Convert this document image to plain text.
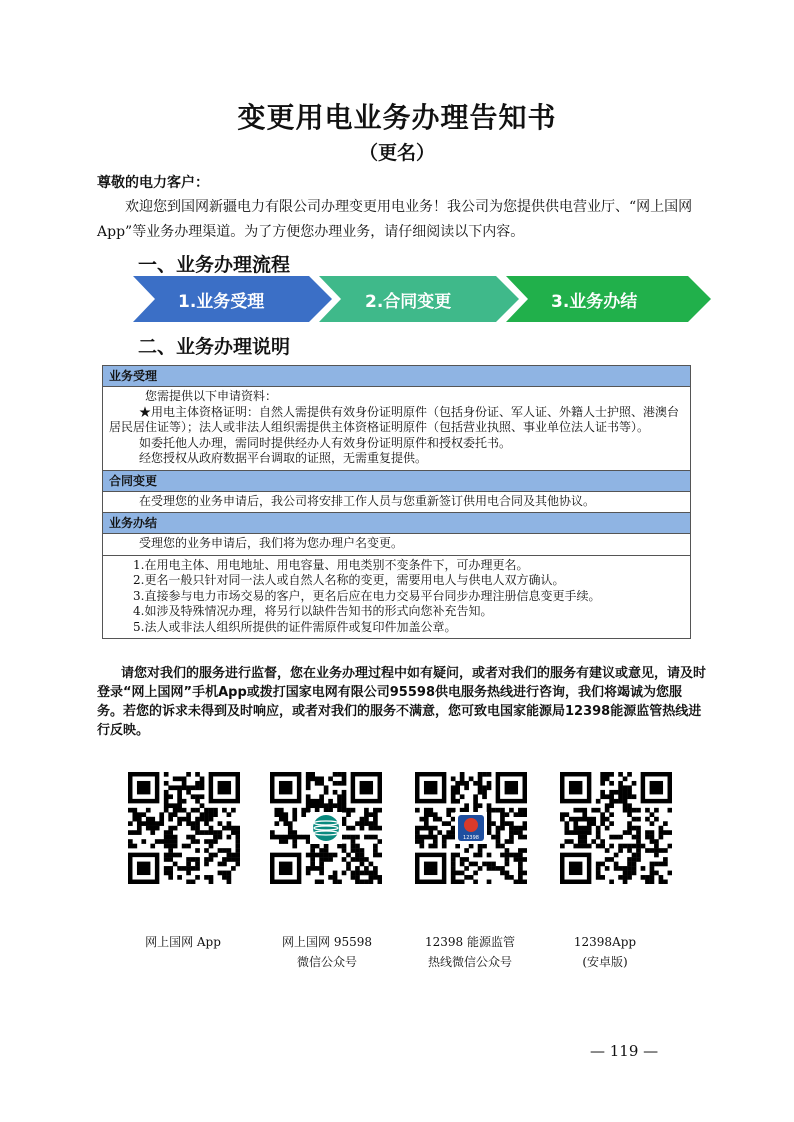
变更用电业务办理告知书
（更名）
尊敬的电力客户：
欢迎您到国网新疆电力有限公司办理变更用电业务！我公司为您提供供电营业厅、“网上国网 App”等业务办理渠道。为了方便您办理业务，请仔细阅读以下内容。
一、业务办理流程
1.业务受理	2.合同变更	3.业务办结
二、业务办理说明
业务受理

您需提供以下申请资料：

★用电主体资格证明：自然人需提供有效身份证明原件（包括身份证、军人证、外籍人士护照、港澳台居民居住证等）；法人或非法人组织需提供主体资格证明原件（包括营业执照、事业单位法人证书等）。

如委托他人办理，需同时提供经办人有效身份证明原件和授权委托书。

经您授权从政府数据平台调取的证照，无需重复提供。

合同变更

在受理您的业务申请后，我公司将安排工作人员与您重新签订供用电合同及其他协议。

业务办结

受理您的业务申请后，我们将为您办理户名变更。

1.在用电主体、用电地址、用电容量、用电类别不变条件下，可办理更名。

2.更名一般只针对同一法人或自然人名称的变更，需要用电人与供电人双方确认。

3.直接参与电力市场交易的客户，更名后应在电力交易平台同步办理注册信息变更手续。

4.如涉及特殊情况办理，将另行以缺件告知书的形式向您补充告知。

5.法人或非法人组织所提供的证件需原件或复印件加盖公章。

请您对我们的服务进行监督，您在业务办理过程中如有疑问，或者对我们的服务有建议或意见，请及时登录“网上国网”手机App或拨打国家电网有限公司95598供电服务热线进行咨询，我们将竭诚为您服务。若您的诉求未得到及时响应，或者对我们的服务不满意，您可致电国家能源局12398能源监管热线进行反映。
12398
网上国网 App	网上国网 95598
微信公众号
12398 能源监管
热线微信公众号
12398App
(安卓版)
— 119 —
